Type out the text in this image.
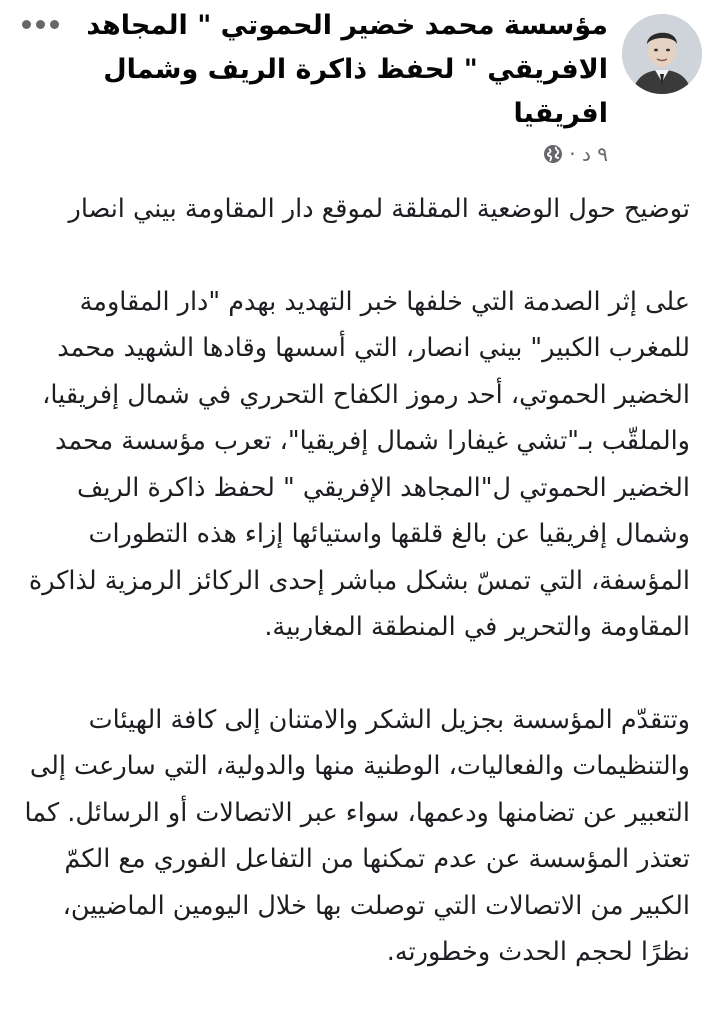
مؤسسة محمد خضير الحموتي " المجاهد الافريقي " لحفظ ذاكرة الريف وشمال افريقيا
٩ د ·

توضيح حول الوضعية المقلقة لموقع دار المقاومة بيني انصار

على إثر الصدمة التي خلفها خبر التهديد بهدم "دار المقاومة للمغرب الكبير" بيني انصار، التي أسسها وقادها الشهيد محمد الخضير الحموتي، أحد رموز الكفاح التحرري في شمال إفريقيا، والملقّب بـ"تشي غيفارا شمال إفريقيا"، تعرب مؤسسة محمد الخضير الحموتي ل"المجاهد الإفريقي " لحفظ ذاكرة الريف وشمال إفريقيا عن بالغ قلقها واستيائها إزاء هذه التطورات المؤسفة، التي تمسّ بشكل مباشر إحدى الركائز الرمزية لذاكرة المقاومة والتحرير في المنطقة المغاربية.

وتتقدّم المؤسسة بجزيل الشكر والامتنان إلى كافة الهيئات والتنظيمات والفعاليات، الوطنية منها والدولية، التي سارعت إلى التعبير عن تضامنها ودعمها، سواء عبر الاتصالات أو الرسائل. كما تعتذر المؤسسة عن عدم تمكنها من التفاعل الفوري مع الكمّ الكبير من الاتصالات التي توصلت بها خلال اليومين الماضيين، نظرًا لحجم الحدث وخطورته.
